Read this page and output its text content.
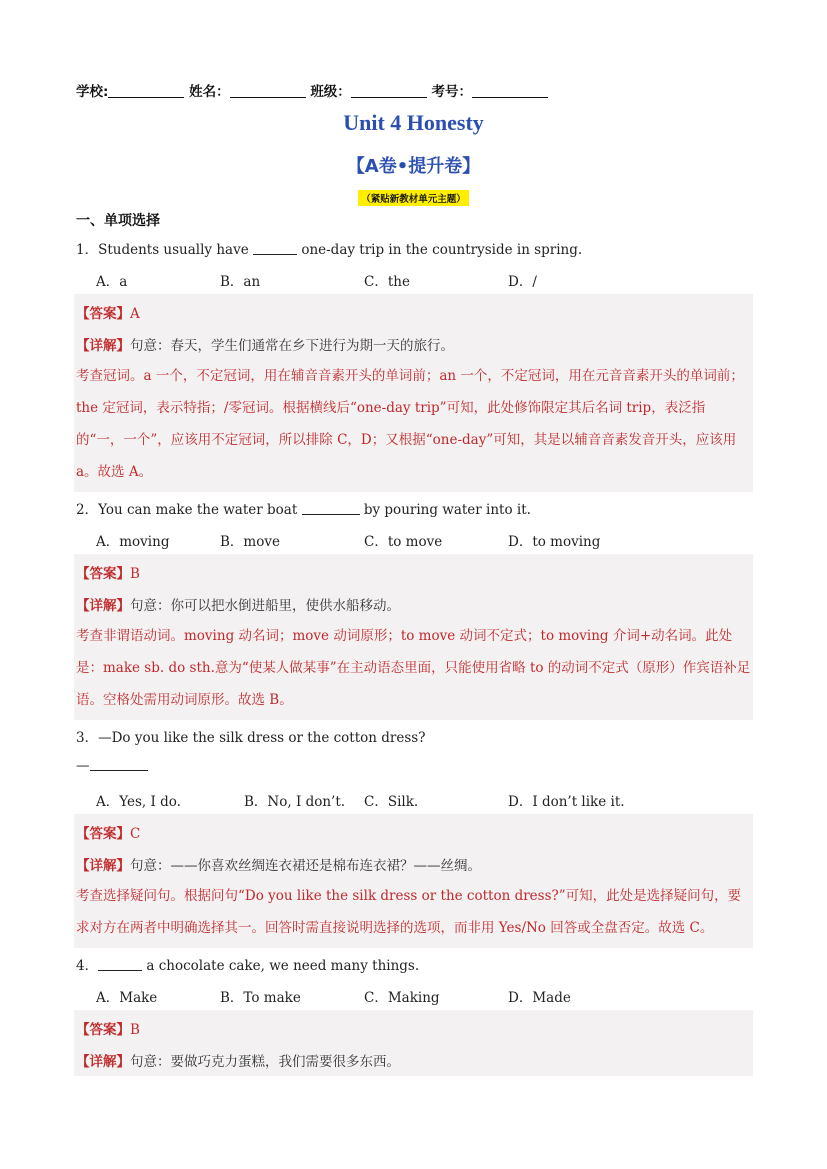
学校:	姓名：	班级：	考号：
Unit 4 Honesty
【A卷•提升卷】
（紧贴新教材单元主题）
一、单项选择
1．Students usually have	one-day trip in the countryside in spring.
A．a	B．an	C．the	D．/
【答案】A
【详解】句意：春天，学生们通常在乡下进行为期一天的旅行。
考查冠词。a 一个，不定冠词，用在辅音音素开头的单词前；an 一个，不定冠词，用在元音音素开头的单词前；the 定冠词，表示特指；/零冠词。根据横线后“one-day trip”可知，此处修饰限定其后名词 trip，表泛指的“一，一个”，应该用不定冠词，所以排除 C，D；又根据“one-day”可知，其是以辅音音素发音开头，应该用 a。故选 A。
2．You can make the water boat	by pouring water into it.
A．moving	B．move	C．to move	D．to moving
【答案】B
【详解】句意：你可以把水倒进船里，使供水船移动。
考查非谓语动词。moving 动名词；move 动词原形；to move 动词不定式；to moving 介词+动名词。此处是：make sb. do sth.意为“使某人做某事”在主动语态里面，只能使用省略 to 的动词不定式（原形）作宾语补足语。空格处需用动词原形。故选 B。
3．—Do you like the silk dress or the cotton dress?
—
A．Yes, I do.	B．No, I don’t. C．Silk.	D．I don’t like it.
【答案】C
【详解】句意：——你喜欢丝绸连衣裙还是棉布连衣裙？——丝绸。
考查选择疑问句。根据问句“Do you like the silk dress or the cotton dress?”可知，此处是选择疑问句，要求对方在两者中明确选择其一。回答时需直接说明选择的选项，而非用 Yes/No 回答或全盘否定。故选 C。
4．	a chocolate cake, we need many things.
A．Make	B．To make	C．Making	D．Made
【答案】B
【详解】句意：要做巧克力蛋糕，我们需要很多东西。
